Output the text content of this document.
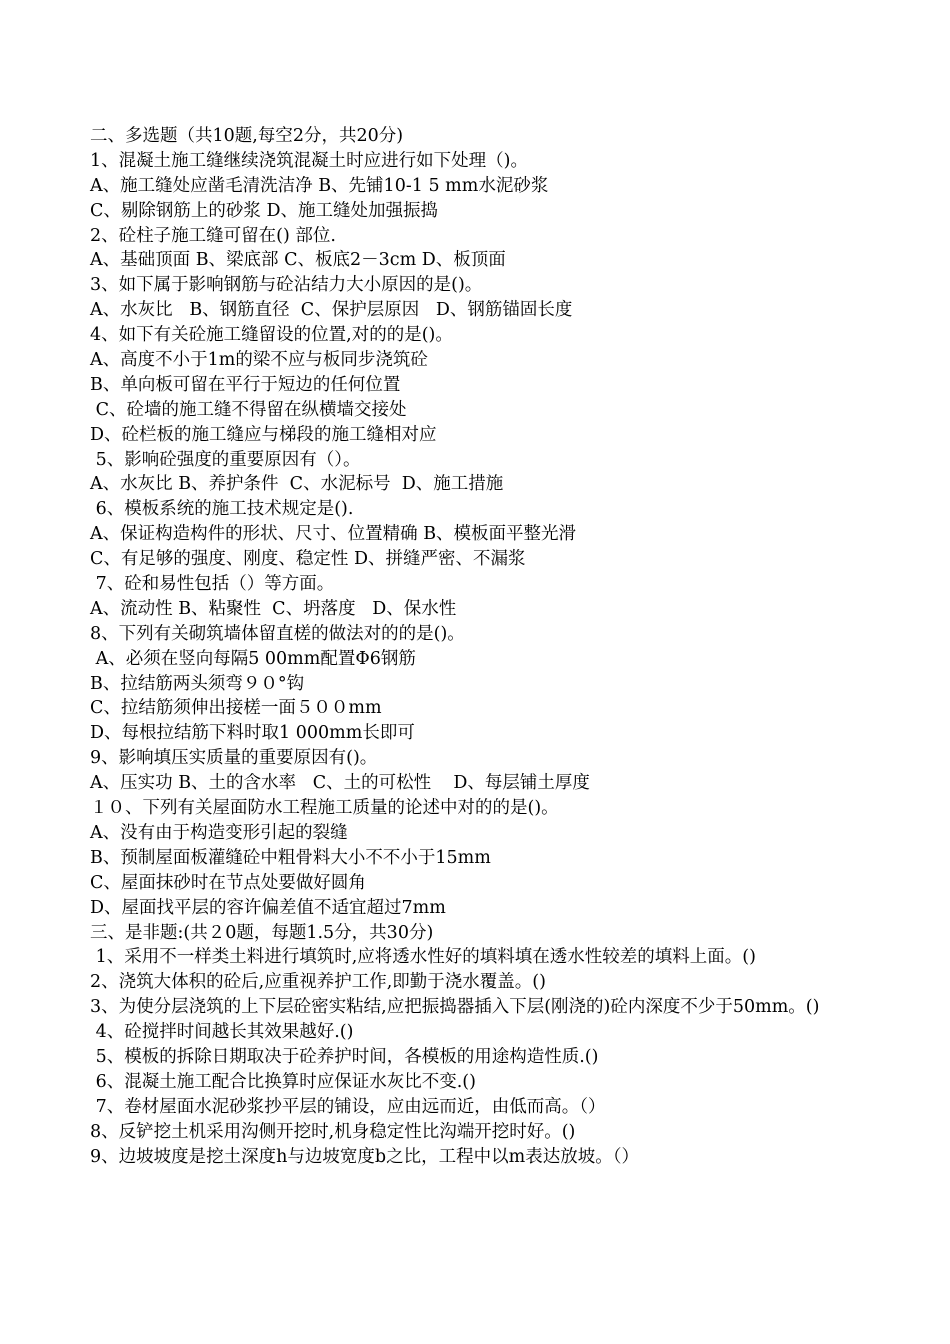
二、多选题（共10题,每空2分，共20分)
1、混凝土施工缝继续浇筑混凝土时应进行如下处理（)。
A、施工缝处应凿毛清洗洁净 B、先铺10-1 5 mm水泥砂浆
C、剔除钢筋上的砂浆 D、施工缝处加强振捣
2、砼柱子施工缝可留在() 部位.
A、基础顶面 B、梁底部 C、板底2－3cm D、板顶面
3、如下属于影响钢筋与砼沾结力大小原因的是()。
A、水灰比   B、钢筋直径  C、保护层原因   D、钢筋锚固长度
4、如下有关砼施工缝留设的位置,对的的是()。
A、高度不小于1m的梁不应与板同步浇筑砼
B、单向板可留在平行于短边的任何位置
C、砼墙的施工缝不得留在纵横墙交接处
D、砼栏板的施工缝应与梯段的施工缝相对应
5、影响砼强度的重要原因有（）。
A、水灰比 B、养护条件  C、水泥标号  D、施工措施
6、模板系统的施工技术规定是().
A、保证构造构件的形状、尺寸、位置精确 B、模板面平整光滑
C、有足够的强度、刚度、稳定性 D、拼缝严密、不漏浆
7、砼和易性包括（）等方面。
A、流动性 B、粘聚性  C、坍落度   D、保水性
8、下列有关砌筑墙体留直槎的做法对的的是()。
A、必须在竖向每隔5 00mm配置Φ6钢筋
B、拉结筋两头须弯９０°钩
C、拉结筋须伸出接槎一面５００mm
D、每根拉结筋下料时取1 000mm长即可
9、影响填压实质量的重要原因有()。
A、压实功 B、土的含水率   C、土的可松性    D、每层铺土厚度
１０、下列有关屋面防水工程施工质量的论述中对的的是()。
A、没有由于构造变形引起的裂缝
B、预制屋面板灌缝砼中粗骨料大小不不小于15mm
C、屋面抹砂时在节点处要做好圆角
D、屋面找平层的容许偏差值不适宜超过7mm
三、是非题:(共２0题，每题1.5分，共30分)
1、采用不一样类土料进行填筑时,应将透水性好的填料填在透水性较差的填料上面。()
2、浇筑大体积的砼后,应重视养护工作,即勤于浇水覆盖。()
3、为使分层浇筑的上下层砼密实粘结,应把振捣器插入下层(刚浇的)砼内深度不少于50mm。()
4、砼搅拌时间越长其效果越好.()
5、模板的拆除日期取决于砼养护时间，各模板的用途构造性质.()
6、混凝土施工配合比换算时应保证水灰比不变.()
7、卷材屋面水泥砂浆抄平层的铺设，应由远而近，由低而高。（）
8、反铲挖土机采用沟侧开挖时,机身稳定性比沟端开挖时好。()
9、边坡坡度是挖土深度h与边坡宽度b之比，工程中以m表达放坡。（）
